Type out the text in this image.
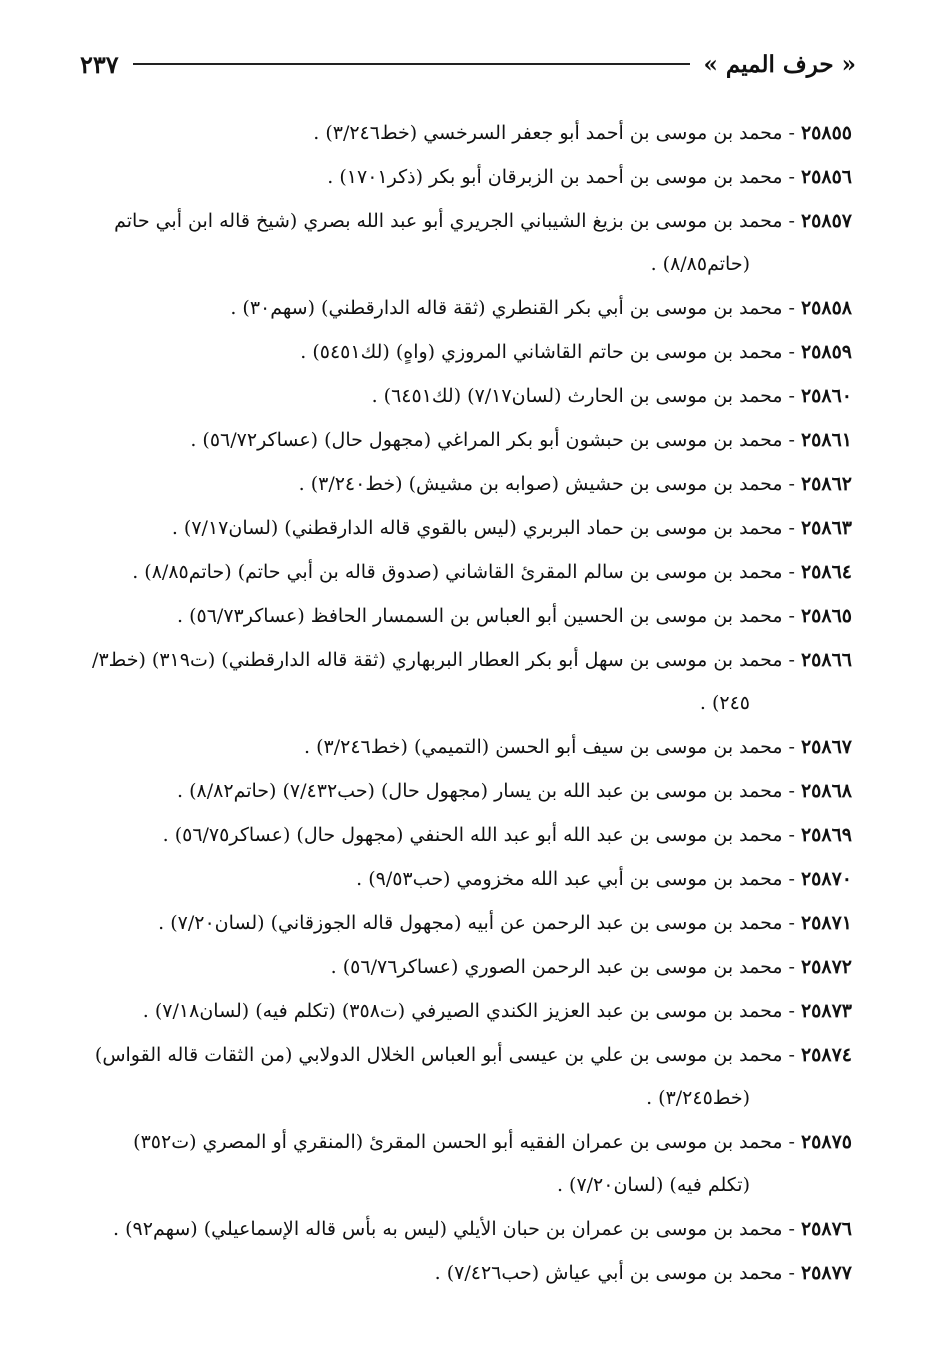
« حرف الميم »
٢٣٧
٢٥٨٥٥-محمد بن موسى بن أحمد أبو جعفر السرخسي (خط٣/٢٤٦) .
٢٥٨٥٦-محمد بن موسى بن أحمد بن الزبرقان أبو بكر (ذكر١٧٠١) .
٢٥٨٥٧-محمد بن موسى بن بزيغ الشيباني الجريري أبو عبد الله بصري (شيخ قاله ابن أبي حاتم
(حاتم٨/٨٥) .
٢٥٨٥٨-محمد بن موسى بن أبي بكر القنطري (ثقة قاله الدارقطني) (سهم٣٠) .
٢٥٨٥٩-محمد بن موسى بن حاتم القاشاني المروزي (واهٍ) (لك٥٤٥١) .
٢٥٨٦٠-محمد بن موسى بن الحارث (لسان٧/١٧) (لك٦٤٥١) .
٢٥٨٦١-محمد بن موسى بن حبشون أبو بكر المراغي (مجهول حال) (عساكر٥٦/٧٢) .
٢٥٨٦٢-محمد بن موسى بن حشيش (صوابه بن مشيش) (خط٣/٢٤٠) .
٢٥٨٦٣-محمد بن موسى بن حماد البربري (ليس بالقوي قاله الدارقطني) (لسان٧/١٧) .
٢٥٨٦٤-محمد بن موسى بن سالم المقرئ القاشاني (صدوق قاله بن أبي حاتم) (حاتم٨/٨٥) .
٢٥٨٦٥-محمد بن موسى بن الحسين أبو العباس بن السمسار الحافظ (عساكر٥٦/٧٣) .
٢٥٨٦٦-محمد بن موسى بن سهل أبو بكر العطار البربهاري (ثقة قاله الدارقطني) (ت٣١٩) (خط٣/
٢٤٥) .
٢٥٨٦٧-محمد بن موسى بن سيف أبو الحسن (التميمي) (خط٣/٢٤٦) .
٢٥٨٦٨-محمد بن موسى بن عبد الله بن يسار (مجهول حال) (حب٧/٤٣٢) (حاتم٨/٨٢) .
٢٥٨٦٩-محمد بن موسى بن عبد الله أبو عبد الله الحنفي (مجهول حال) (عساكر٥٦/٧٥) .
٢٥٨٧٠-محمد بن موسى بن أبي عبد الله مخزومي (حب٩/٥٣) .
٢٥٨٧١-محمد بن موسى بن عبد الرحمن عن أبيه (مجهول قاله الجوزقاني) (لسان٧/٢٠) .
٢٥٨٧٢-محمد بن موسى بن عبد الرحمن الصوري (عساكر٥٦/٧٦) .
٢٥٨٧٣-محمد بن موسى بن عبد العزيز الكندي الصيرفي (ت٣٥٨) (تكلم فيه) (لسان٧/١٨) .
٢٥٨٧٤-محمد بن موسى بن علي بن عيسى أبو العباس الخلال الدولابي (من الثقات قاله القواس)
(خط٣/٢٤٥) .
٢٥٨٧٥-محمد بن موسى بن عمران الفقيه أبو الحسن المقرئ (المنقري أو المصري (ت٣٥٢)
(تكلم فيه) (لسان٧/٢٠) .
٢٥٨٧٦-محمد بن موسى بن عمران بن حبان الأيلي (ليس به بأس قاله الإسماعيلي) (سهم٩٢) .
٢٥٨٧٧-محمد بن موسى بن أبي عياش (حب٧/٤٢٦) .
